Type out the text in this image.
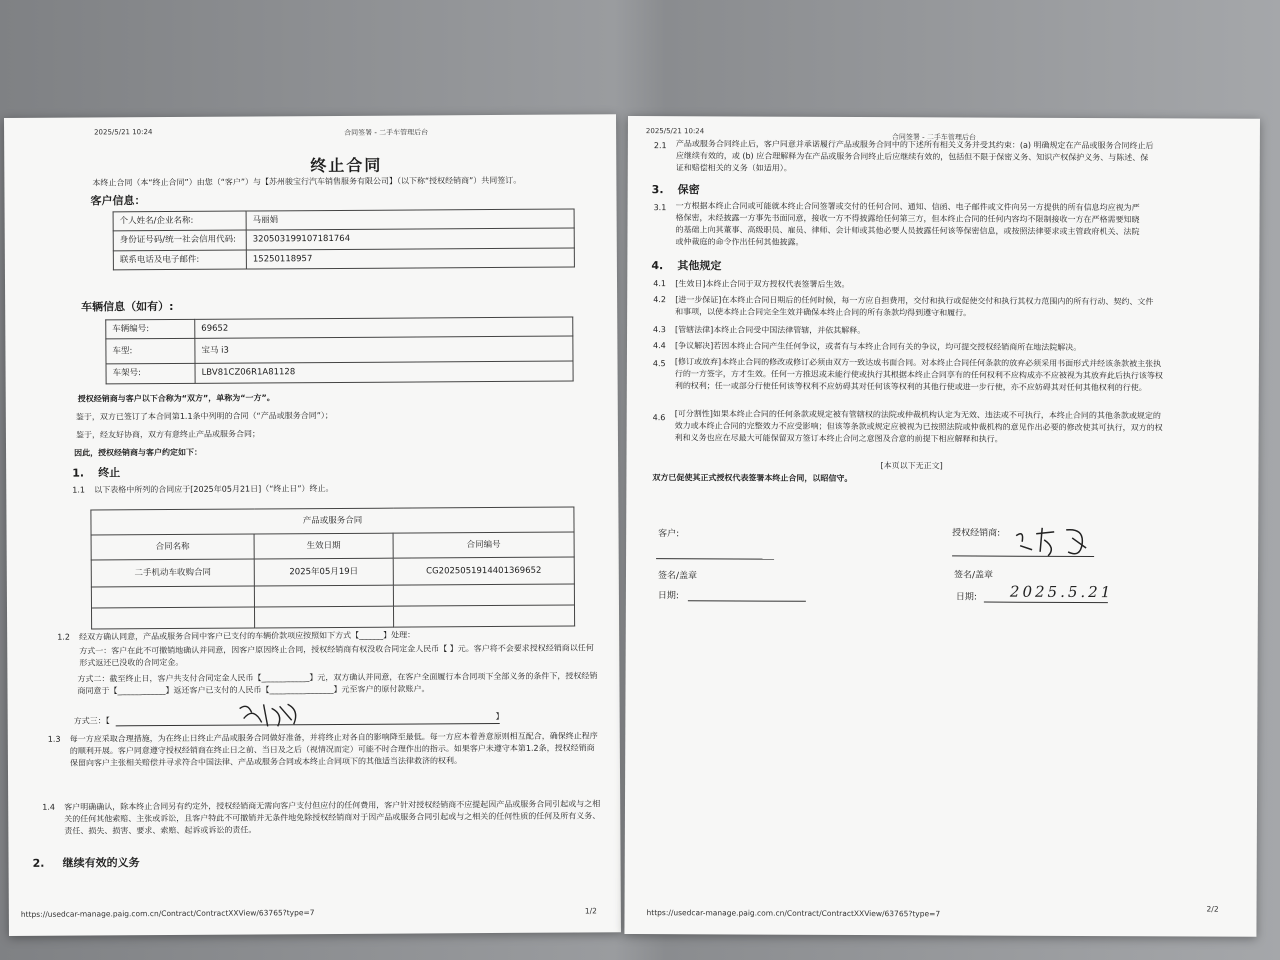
2025/5/21 10:24	合同签署 - 二手车管理后台
终止合同
本终止合同（本“终止合同”）由您（“客户”）与【苏州骏宝行汽车销售服务有限公司】（以下称“授权经销商”）共同签订。
客户信息：
个人姓名/企业名称:	马丽娟
身份证号码/统一社会信用代码:	320503199107181764
联系电话及电子邮件:	15250118957
车辆信息（如有）:
车辆编号:	69652
车型:	宝马 i3
车架号:	LBV81CZ06R1A81128
授权经销商与客户以下合称为“双方”，单称为“一方”。
鉴于，双方已签订了本合同第1.1条中列明的合同（“产品或服务合同”）；
鉴于，经友好协商，双方有意终止产品或服务合同；
因此，授权经销商与客户约定如下：
1. 终止
1.1 以下表格中所列的合同应于[2025年05月21日]（“终止日”）终止。
产品或服务合同		
合同名称	生效日期	合同编号
二手机动车收购合同	2025年05月19日	CG2025051914401369652

1.2 经双方确认同意，产品或服务合同中客户已支付的车辆价款项应按照如下方式【______】处理：
方式一：客户在此不可撤销地确认并同意，因客户原因终止合同，授权经销商有权没收合同定金人民币【 】元。客户将不会要求授权经销商以任何形式返还已没收的合同定金。
方式二：截至终止日，客户共支付合同定金人民币【____________】元，双方确认并同意，在客户全面履行本合同项下全部义务的条件下，授权经销商同意于【____________】返还客户已支付的人民币【________________】元至客户的原付款账户。
方式三：【	】
1.3 每一方应采取合理措施，为在终止日终止产品或服务合同做好准备，并将终止对各自的影响降至最低。每一方应本着善意原则相互配合，确保终止程序的顺利开展。客户同意遵守授权经销商在终止日之前、当日及之后（视情况而定）可能不时合理作出的指示。如果客户未遵守本第1.2条，授权经销商保留向客户主张相关赔偿并寻求符合中国法律、产品或服务合同或本终止合同项下的其他适当法律救济的权利。
1.4 客户明确确认，除本终止合同另有约定外，授权经销商无需向客户支付但应付的任何费用，客户针对授权经销商不应提起因产品或服务合同引起或与之相关的任何其他索赔、主张或诉讼，且客户特此不可撤销并无条件地免除授权经销商对于因产品或服务合同引起或与之相关的任何性质的任何及所有义务、责任、损失、损害、要求、索赔、起诉或诉讼的责任。
2. 继续有效的义务
https://usedcar-manage.paig.com.cn/Contract/ContractXXView/63765?type=7	1/2
2025/5/21 10:24
合同签署 - 二手车管理后台
2.1 产品或服务合同终止后，客户同意并承诺履行产品或服务合同中的下述所有相关义务并受其约束：(a) 明确规定在产品或服务合同终止后应继续有效的，或 (b) 应合理解释为在产品或服务合同终止后应继续有效的，包括但不限于保密义务、知识产权保护义务、与陈述、保证和赔偿相关的义务（如适用）。
3. 保密
3.1 一方根据本终止合同或可能就本终止合同签署或交付的任何合同、通知、信函、电子邮件或文件向另一方提供的所有信息均应视为严格保密，未经披露一方事先书面同意，接收一方不得披露给任何第三方，但本终止合同的任何内容均不限制接收一方在严格需要知晓的基础上向其董事、高级职员、雇员、律师、会计师或其他必要人员披露任何该等保密信息，或按照法律要求或主管政府机关、法院或仲裁庭的命令作出任何其他披露。
4. 其他规定
4.1 [生效日]本终止合同于双方授权代表签署后生效。
4.2 [进一步保证]在本终止合同日期后的任何时候，每一方应自担费用，交付和执行或促使交付和执行其权力范围内的所有行动、契约、文件和事项，以使本终止合同完全生效并确保本终止合同的所有条款均得到遵守和履行。
4.3 [管辖法律]本终止合同受中国法律管辖，并依其解释。
4.4 [争议解决]若因本终止合同产生任何争议，或者有与本终止合同有关的争议，均可提交授权经销商所在地法院解决。
4.5 [修订或放弃]本终止合同的修改或修订必须由双方一致达成书面合同。对本终止合同任何条款的放弃必须采用书面形式并经该条款被主张执行的一方签字，方才生效。任何一方推迟或未能行使或执行其根据本终止合同享有的任何权利不应构成亦不应被视为其放弃此后执行该等权利的权利；任一或部分行使任何该等权利不应妨碍其对任何该等权利的其他行使或进一步行使，亦不应妨碍其对任何其他权利的行使。
4.6 [可分割性]如果本终止合同的任何条款或规定被有管辖权的法院或仲裁机构认定为无效、违法或不可执行，本终止合同的其他条款或规定的效力或本终止合同的完整效力不应受影响；但该等条款或规定应被视为已按照法院或仲裁机构的意见作出必要的修改使其可执行，双方的权利和义务也应在尽最大可能保留双方签订本终止合同之意图及合意的前提下相应解释和执行。
[本页以下无正文]
双方已促使其正式授权代表签署本终止合同，以昭信守。
客户:
签名/盖章
日期:
授权经销商:
签名/盖章
日期: 2025.5.21
https://usedcar-manage.paig.com.cn/Contract/ContractXXView/63765?type=7	2/2
